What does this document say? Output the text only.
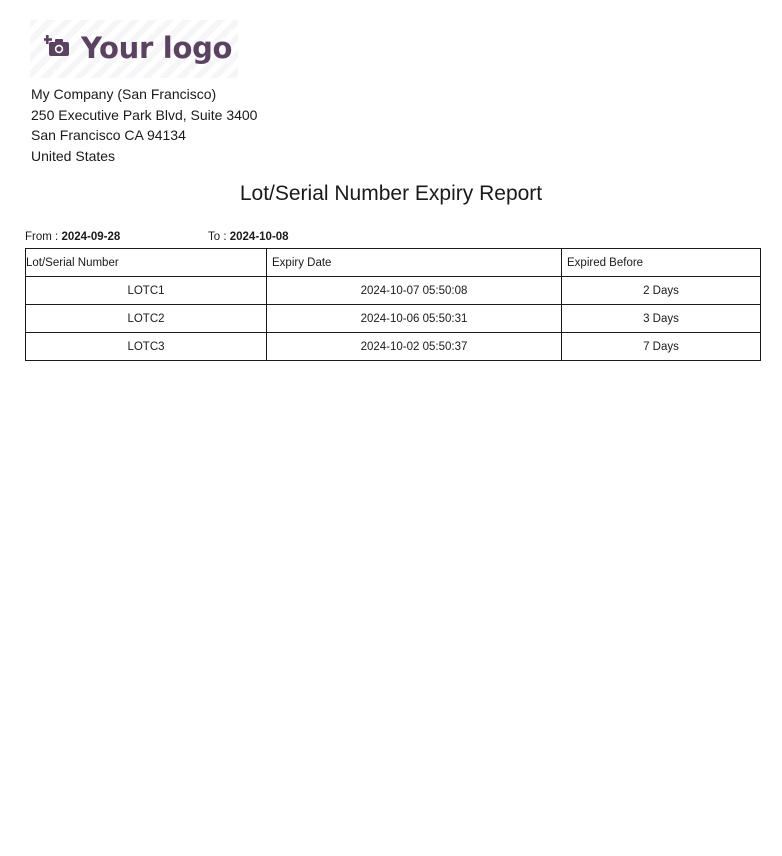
Your logo
My Company (San Francisco)
250 Executive Park Blvd, Suite 3400
San Francisco CA 94134
United States
Lot/Serial Number Expiry Report
From : 2024-09-28	To : 2024-10-08
Lot/Serial Number	Expiry Date	Expired Before
LOTC1	2024-10-07 05:50:08	2 Days
LOTC2	2024-10-06 05:50:31	3 Days
LOTC3	2024-10-02 05:50:37	7 Days
